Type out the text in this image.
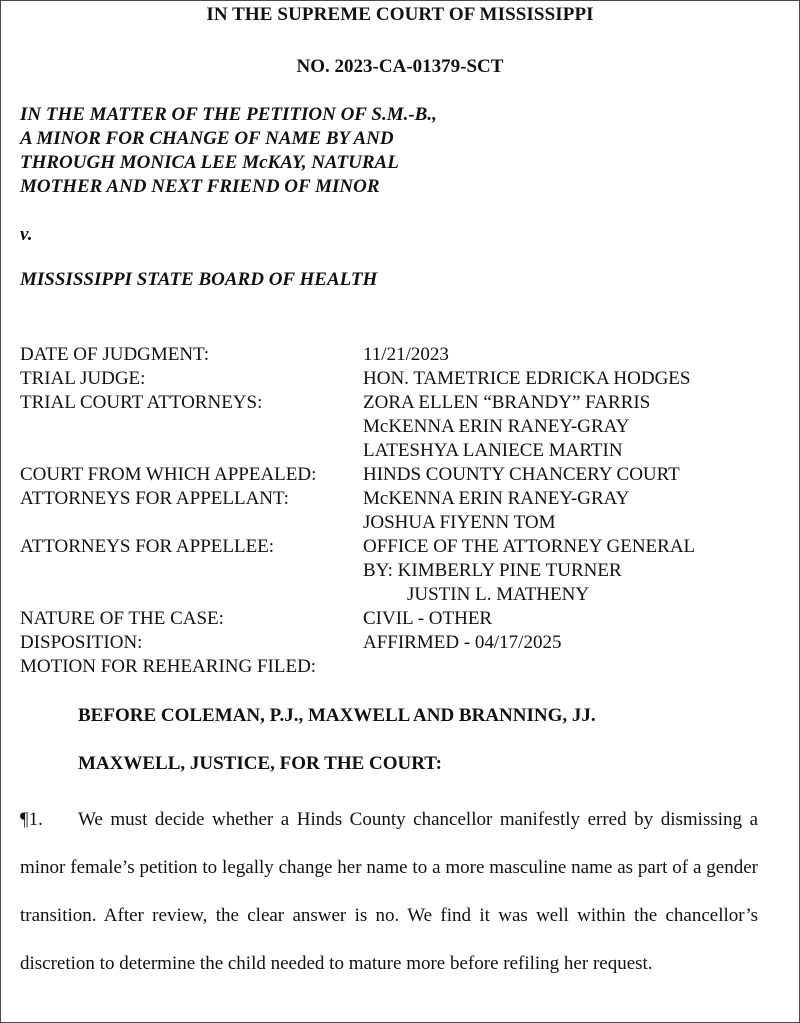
IN THE SUPREME COURT OF MISSISSIPPI
NO. 2023-CA-01379-SCT
IN THE MATTER OF THE PETITION OF S.M.-B.,
A MINOR FOR CHANGE OF NAME BY AND
THROUGH MONICA LEE McKAY, NATURAL
MOTHER AND NEXT FRIEND OF MINOR
v.
MISSISSIPPI STATE BOARD OF HEALTH
DATE OF JUDGMENT:	11/21/2023
TRIAL JUDGE:	HON. TAMETRICE EDRICKA HODGES
TRIAL COURT ATTORNEYS:	ZORA ELLEN “BRANDY” FARRIS
McKENNA ERIN RANEY-GRAY
LATESHYA LANIECE MARTIN
COURT FROM WHICH APPEALED:	HINDS COUNTY CHANCERY COURT
ATTORNEYS FOR APPELLANT:	McKENNA ERIN RANEY-GRAY
JOSHUA FIYENN TOM
ATTORNEYS FOR APPELLEE:	OFFICE OF THE ATTORNEY GENERAL
BY: KIMBERLY PINE TURNER
JUSTIN L. MATHENY
NATURE OF THE CASE:	CIVIL - OTHER
DISPOSITION:	AFFIRMED - 04/17/2025
MOTION FOR REHEARING FILED:
BEFORE COLEMAN, P.J., MAXWELL AND BRANNING, JJ.
MAXWELL, JUSTICE, FOR THE COURT:
¶1. We must decide whether a Hinds County chancellor manifestly erred by dismissing a minor female’s petition to legally change her name to a more masculine name as part of a gender transition. After review, the clear answer is no. We find it was well within the chancellor’s discretion to determine the child needed to mature more before refiling her request.
